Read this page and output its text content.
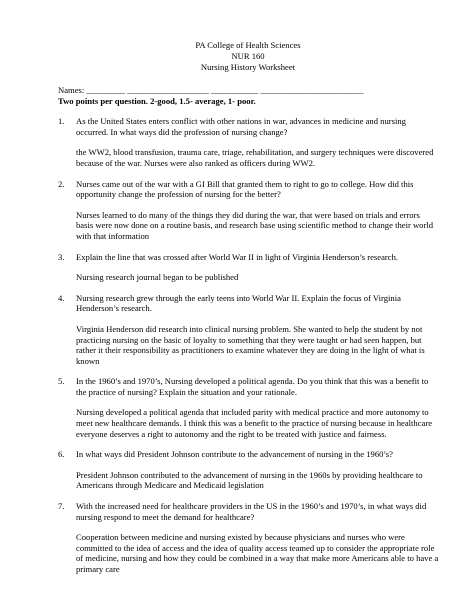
PA College of Health Sciences
NUR 160
Nursing History Worksheet
Names: _________ ___________________ ___________ ________________________
Two points per question. 2-good, 1.5- average, 1- poor.
1.	As the United States enters conflict with other nations in war, advances in medicine and nursing occurred. In what ways did the profession of nursing change?
the WW2, blood transfusion, trauma care, triage, rehabilitation, and surgery techniques were discovered because of the war. Nurses were also ranked as officers during WW2.
2.	Nurses came out of the war with a GI Bill that granted them to right to go to college. How did this opportunity change the profession of nursing for the better?
Nurses learned to do many of the things they did during the war, that were based on trials and errors basis were now done on a routine basis, and research base using scientific method to change their world with that information
3.	Explain the line that was crossed after World War II in light of Virginia Henderson’s research.
Nursing research journal began to be published
4.	Nursing research grew through the early teens into World War II. Explain the focus of Virginia Henderson’s research.
Virginia Henderson did research into clinical nursing problem. She wanted to help the student by not practicing nursing on the basic of loyalty to something that they were taught or had seen happen, but rather it their responsibility as practitioners to examine whatever they are doing in the light of what is known
5.	In the 1960’s and 1970’s, Nursing developed a political agenda. Do you think that this was a benefit to the practice of nursing? Explain the situation and your rationale.
Nursing developed a political agenda that included parity with medical practice and more autonomy to meet new healthcare demands. I think this was a benefit to the practice of nursing because in healthcare everyone deserves a right to autonomy and the right to be treated with justice and fairness.
6.	In what ways did President Johnson contribute to the advancement of nursing in the 1960’s?
President Johnson contributed to the advancement of nursing in the 1960s by providing healthcare to Americans through Medicare and Medicaid legislation
7.	With the increased need for healthcare providers in the US in the 1960’s and 1970’s, in what ways did nursing respond to meet the demand for healthcare?
Cooperation between medicine and nursing existed by because physicians and nurses who were committed to the idea of access and the idea of quality access teamed up to consider the appropriate role of medicine, nursing and how they could be combined in a way that make more Americans able to have a primary care
